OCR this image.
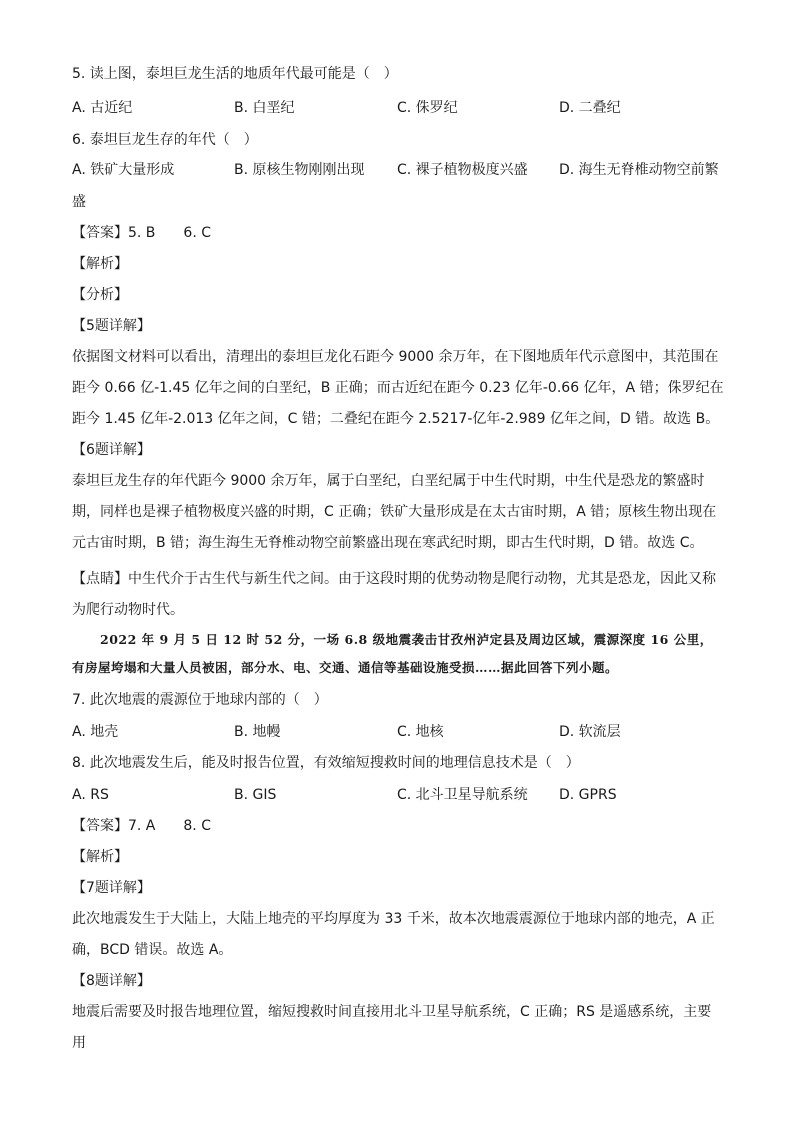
5. 读上图，泰坦巨龙生活的地质年代最可能是（　）
A. 古近纪	B. 白垩纪	C. 侏罗纪	D. 二叠纪
6. 泰坦巨龙生存的年代（　）
A. 铁矿大量形成	B. 原核生物刚刚出现 C. 裸子植物极度兴盛 D. 海生无脊椎动物空前繁
盛
【答案】5. B　　6. C
【解析】
【分析】
【5题详解】
依据图文材料可以看出，清理出的泰坦巨龙化石距今 9000 余万年，在下图地质年代示意图中，其范围在距今 0.66 亿-1.45 亿年之间的白垩纪，B 正确；而古近纪在距今 0.23 亿年-0.66 亿年，A 错；侏罗纪在距今 1.45 亿年-2.013 亿年之间，C 错；二叠纪在距今 2.5217-亿年-2.989 亿年之间，D 错。故选 B。
【6题详解】
泰坦巨龙生存的年代距今 9000 余万年，属于白垩纪，白垩纪属于中生代时期，中生代是恐龙的繁盛时期，同样也是裸子植物极度兴盛的时期，C 正确；铁矿大量形成是在太古宙时期，A 错；原核生物出现在元古宙时期，B 错；海生海生无脊椎动物空前繁盛出现在寒武纪时期，即古生代时期，D 错。故选 C。
【点睛】中生代介于古生代与新生代之间。由于这段时期的优势动物是爬行动物，尤其是恐龙，因此又称为爬行动物时代。
2022 年 9 月 5 日 12 时 52 分，一场 6.8 级地震袭击甘孜州泸定县及周边区域，震源深度 16 公里，有房屋垮塌和大量人员被困，部分水、电、交通、通信等基础设施受损……据此回答下列小题。
7. 此次地震的震源位于地球内部的（　）
A. 地壳	B. 地幔	C. 地核	D. 软流层
8. 此次地震发生后，能及时报告位置，有效缩短搜救时间的地理信息技术是（　）
A. RS	B. GIS	C. 北斗卫星导航系统 D. GPRS
【答案】7. A　　8. C
【解析】
【7题详解】
此次地震发生于大陆上，大陆上地壳的平均厚度为 33 千米，故本次地震震源位于地球内部的地壳，A 正确，BCD 错误。故选 A。
【8题详解】
地震后需要及时报告地理位置，缩短搜救时间直接用北斗卫星导航系统，C 正确；RS 是遥感系统，主要用
